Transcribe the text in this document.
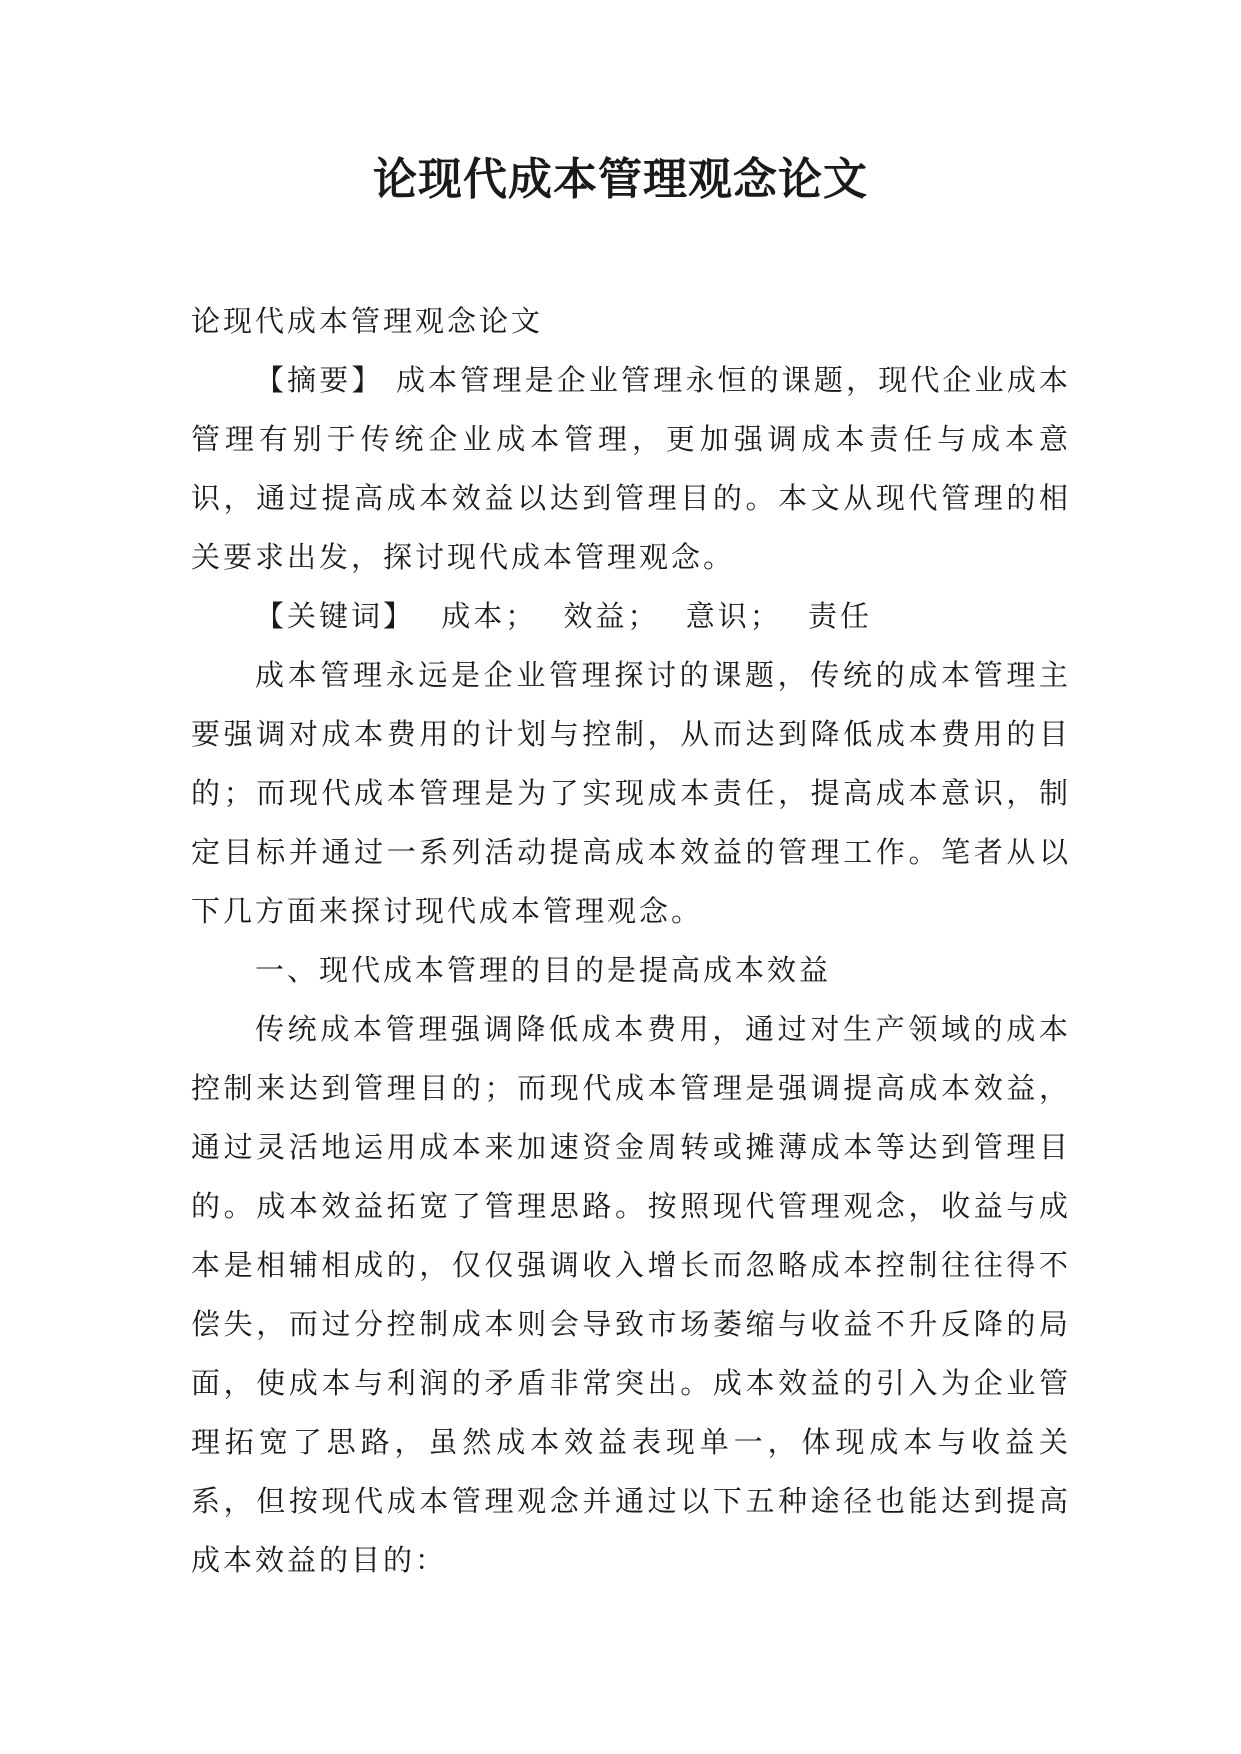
论现代成本管理观念论文

论现代成本管理观念论文

【摘要】 成本管理是企业管理永恒的课题，现代企业成本管理有别于传统企业成本管理，更加强调成本责任与成本意识，通过提高成本效益以达到管理目的。本文从现代管理的相关要求出发，探讨现代成本管理观念。

【关键词】 成本； 效益； 意识； 责任

成本管理永远是企业管理探讨的课题，传统的成本管理主要强调对成本费用的计划与控制，从而达到降低成本费用的目的；而现代成本管理是为了实现成本责任，提高成本意识，制定目标并通过一系列活动提高成本效益的管理工作。笔者从以下几方面来探讨现代成本管理观念。

一、现代成本管理的目的是提高成本效益

传统成本管理强调降低成本费用，通过对生产领域的成本控制来达到管理目的；而现代成本管理是强调提高成本效益，通过灵活地运用成本来加速资金周转或摊薄成本等达到管理目的。成本效益拓宽了管理思路。按照现代管理观念，收益与成本是相辅相成的，仅仅强调收入增长而忽略成本控制往往得不偿失，而过分控制成本则会导致市场萎缩与收益不升反降的局面，使成本与利润的矛盾非常突出。成本效益的引入为企业管理拓宽了思路，虽然成本效益表现单一，体现成本与收益关系，但按现代成本管理观念并通过以下五种途径也能达到提高成本效益的目的：
